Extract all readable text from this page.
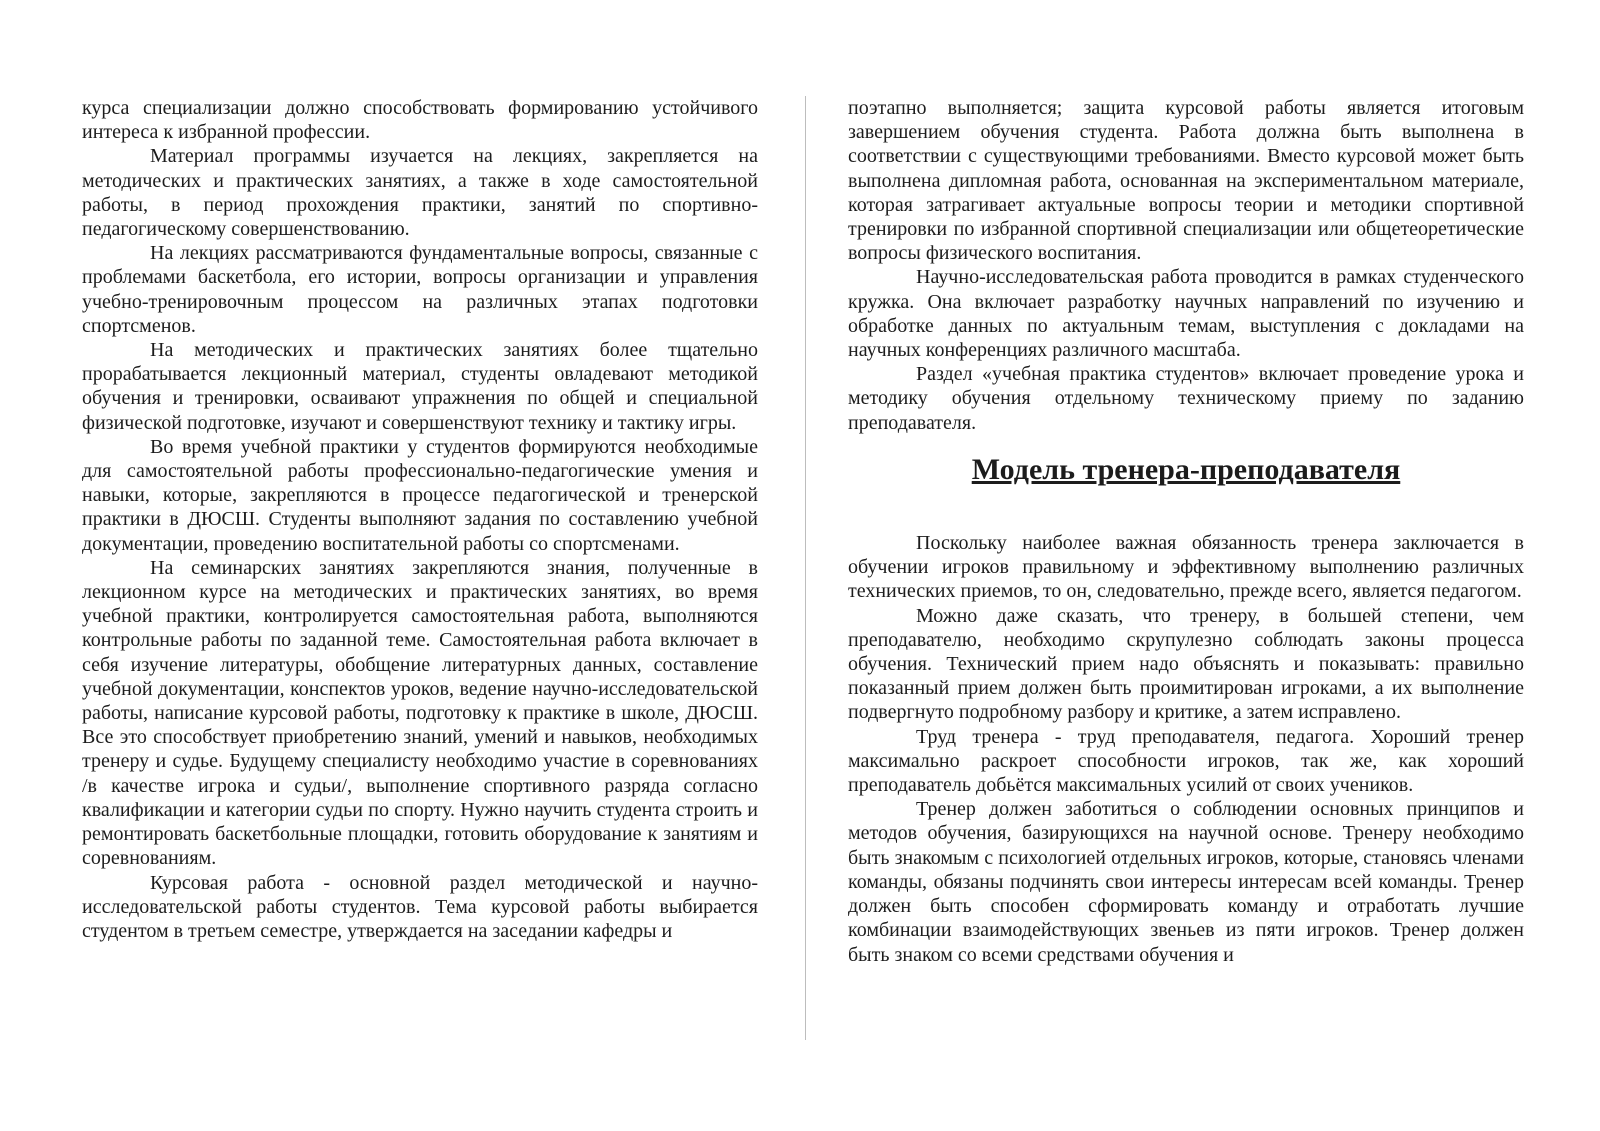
курса специализации должно способствовать формированию устойчивого интереса к избранной профессии.

Материал программы изучается на лекциях, закрепляется на методических и практических занятиях, а также в ходе самостоятельной работы, в период прохождения практики, занятий по спортивно-педагогическому совершенствованию.

На лекциях рассматриваются фундаментальные вопросы, связанные с проблемами баскетбола, его истории, вопросы организации и управления учебно-тренировочным процессом на различных этапах подготовки спортсменов.

На методических и практических занятиях более тщательно прорабатывается лекционный материал, студенты овладевают методикой обучения и тренировки, осваивают упражнения по общей и специальной физической подготовке, изучают и совершенствуют технику и тактику игры.

Во время учебной практики у студентов формируются необходимые для самостоятельной работы профессионально-педагогические умения и навыки, которые, закрепляются в процессе педагогической и тренерской практики в ДЮСШ. Студенты выполняют задания по составлению учебной документации, проведению воспитательной работы со спортсменами.

На семинарских занятиях закрепляются знания, полученные в лекционном курсе на методических и практических занятиях, во время учебной практики, контролируется самостоятельная работа, выполняются контрольные работы по заданной теме. Самостоятельная работа включает в себя изучение литературы, обобщение литературных данных, составление учебной документации, конспектов уроков, ведение научно-исследовательской работы, написание курсовой работы, подготовку к практике в школе, ДЮСШ. Все это способствует приобретению знаний, умений и навыков, необходимых тренеру и судье. Будущему специалисту необходимо участие в соревнованиях /в качестве игрока и судьи/, выполнение спортивного разряда согласно квалификации и категории судьи по спорту. Нужно научить студента строить и ремонтировать баскетбольные площадки, готовить оборудование к занятиям и соревнованиям.

Курсовая работа - основной раздел методической и научно-исследовательской работы студентов. Тема курсовой работы выбирается студентом в третьем семестре, утверждается на заседании кафедры и

поэтапно выполняется; защита курсовой работы является итоговым завершением обучения студента. Работа должна быть выполнена в соответствии с существующими требованиями. Вместо курсовой может быть выполнена дипломная работа, основанная на экспериментальном материале, которая затрагивает актуальные вопросы теории и методики спортивной тренировки по избранной спортивной специализации или общетеоретические вопросы физического воспитания.

Научно-исследовательская работа проводится в рамках студенческого кружка. Она включает разработку научных направлений по изучению и обработке данных по актуальным темам, выступления с докладами на научных конференциях различного масштаба.

Раздел «учебная практика студентов» включает проведение урока и методику обучения отдельному техническому приему по заданию преподавателя.

Модель тренера-преподавателя

Поскольку наиболее важная обязанность тренера заключается в обучении игроков правильному и эффективному выполнению различных технических приемов, то он, следовательно, прежде всего, является педагогом.

Можно даже сказать, что тренеру, в большей степени, чем преподавателю, необходимо скрупулезно соблюдать законы процесса обучения. Технический прием надо объяснять и показывать: правильно показанный прием должен быть проимитирован игроками, а их выполнение подвергнуто подробному разбору и критике, а затем исправлено.

Труд тренера - труд преподавателя, педагога. Хороший тренер максимально раскроет способности игроков, так же, как хороший преподаватель добьётся максимальных усилий от своих учеников.

Тренер должен заботиться о соблюдении основных принципов и методов обучения, базирующихся на научной основе. Тренеру необходимо быть знакомым с психологией отдельных игроков, которые, становясь членами команды, обязаны подчинять свои интересы интересам всей команды. Тренер должен быть способен сформировать команду и отработать лучшие комбинации взаимодействующих звеньев из пяти игроков. Тренер должен быть знаком со всеми средствами обучения и
